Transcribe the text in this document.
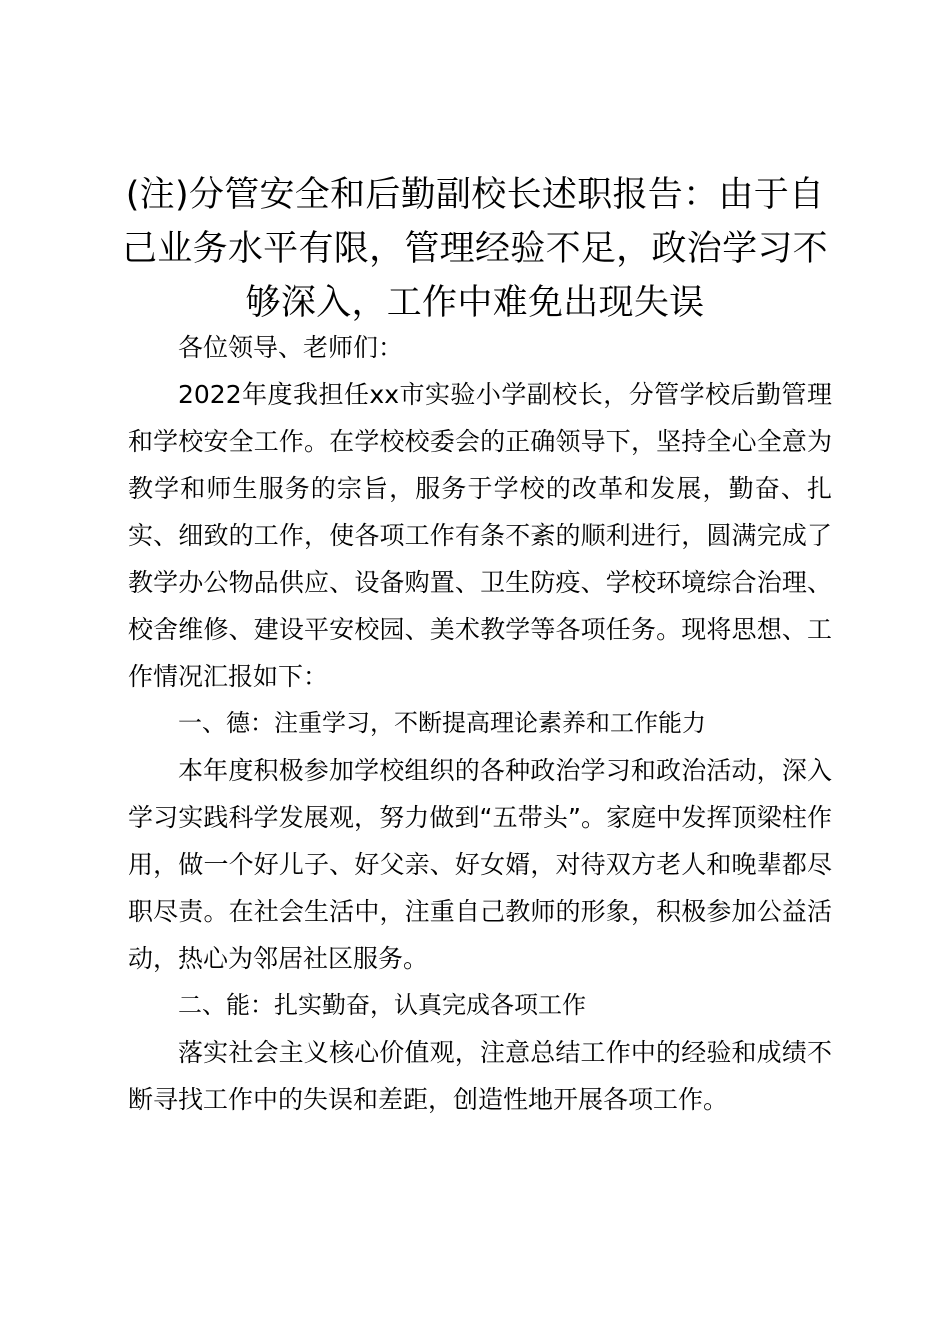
(注)分管安全和后勤副校长述职报告：由于自己业务水平有限，管理经验不足，政治学习不够深入，工作中难免出现失误

各位领导、老师们：

2022年度我担任xx市实验小学副校长，分管学校后勤管理和学校安全工作。在学校校委会的正确领导下，坚持全心全意为教学和师生服务的宗旨，服务于学校的改革和发展，勤奋、扎实、细致的工作，使各项工作有条不紊的顺利进行，圆满完成了教学办公物品供应、设备购置、卫生防疫、学校环境综合治理、校舍维修、建设平安校园、美术教学等各项任务。现将思想、工作情况汇报如下：

一、德：注重学习，不断提高理论素养和工作能力

本年度积极参加学校组织的各种政治学习和政治活动，深入学习实践科学发展观，努力做到“五带头”。家庭中发挥顶梁柱作用，做一个好儿子、好父亲、好女婿，对待双方老人和晚辈都尽职尽责。在社会生活中，注重自己教师的形象，积极参加公益活动，热心为邻居社区服务。

二、能：扎实勤奋，认真完成各项工作

落实社会主义核心价值观，注意总结工作中的经验和成绩不断寻找工作中的失误和差距，创造性地开展各项工作。
